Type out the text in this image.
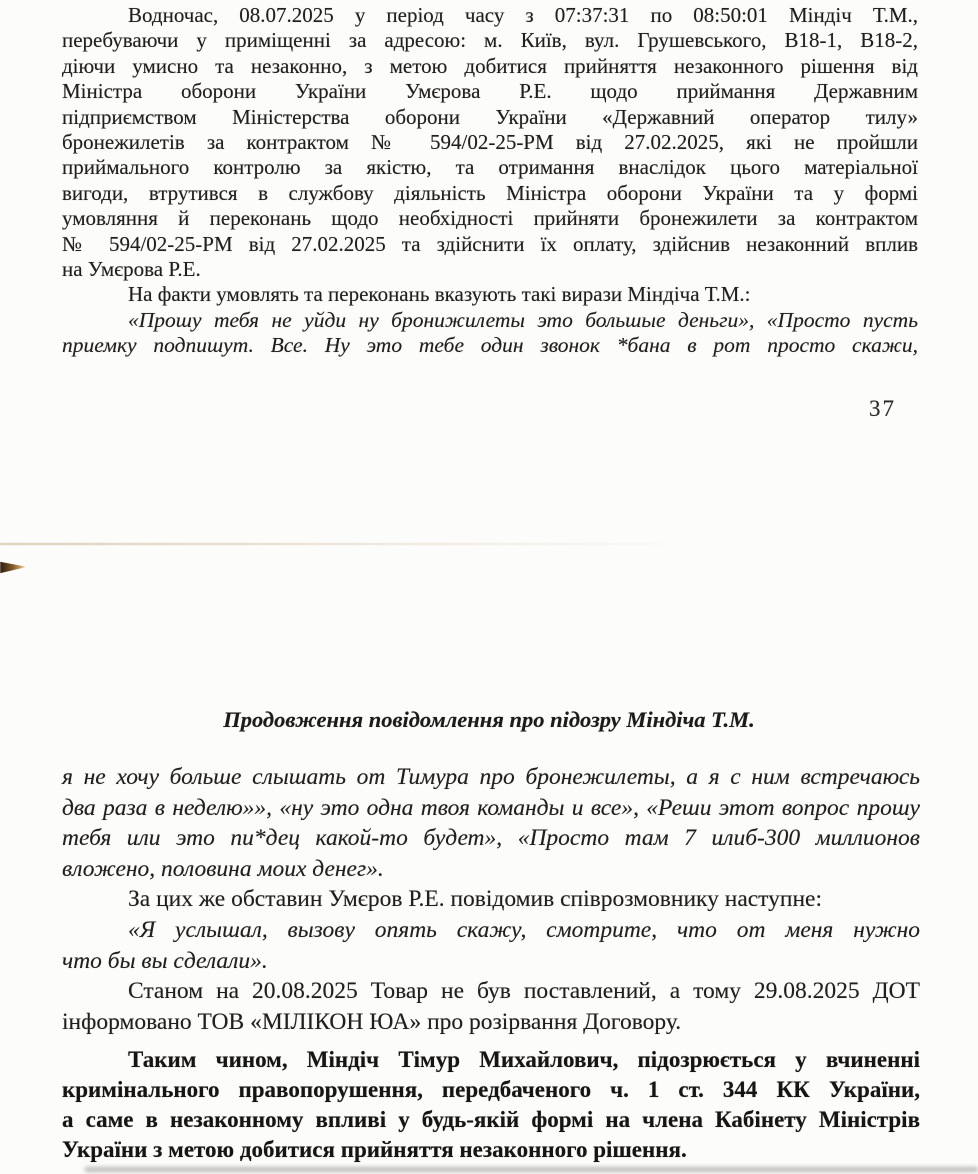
Водночас, 08.07.2025 у період часу з 07:37:31 по 08:50:01 Міндіч Т.М.,

перебуваючи у приміщенні за адресою: м. Київ, вул. Грушевського, В18-1, В18-2,

діючи умисно та незаконно, з метою добитися прийняття незаконного рішення від

Міністра оборони України Умєрова Р.Е. щодо приймання Державним

підприємством Міністерства оборони України «Державний оператор тилу»

бронежилетів за контрактом № 594/02-25-РМ від 27.02.2025, які не пройшли

приймального контролю за якістю, та отримання внаслідок цього матеріальної

вигоди, втрутився в службову діяльність Міністра оборони України та у формі

умовляння й переконань щодо необхідності прийняти бронежилети за контрактом

№ 594/02-25-РМ від 27.02.2025 та здійснити їх оплату, здійснив незаконний вплив

на Умєрова Р.Е.

На факти умовлять та переконань вказують такі вирази Міндіча Т.М.:

«Прошу тебя не уйди ну бронижилеты это большые деньги», «Просто пусть

приемку подпишут. Все. Ну это тебе один звонок *бана в рот просто скажи,

37
Продовження повідомлення про підозру Міндіча Т.М.

я не хочу больше слышать от Тимура про бронежилеты, а я с ним встречаюсь

два раза в неделю»», «ну это одна твоя команды и все», «Реши этот вопрос прошу

тебя или это пи*дец какой-то будет», «Просто там 7 илиб-300 миллионов

вложено, половина моих денег».

За цих же обставин Умєров Р.Е. повідомив співрозмовнику наступне:

«Я услышал, вызову опять скажу, смотрите, что от меня нужно

что бы вы сделали».

Станом на 20.08.2025 Товар не був поставлений, а тому 29.08.2025 ДОТ

інформовано ТОВ «МІЛІКОН ЮА» про розірвання Договору.

Таким чином, Міндіч Тімур Михайлович, підозрюється у вчиненні

кримінального правопорушення, передбаченого ч. 1 ст. 344 КК України,

а саме в незаконному впливі у будь-якій формі на члена Кабінету Міністрів

України з метою добитися прийняття незаконного рішення.
